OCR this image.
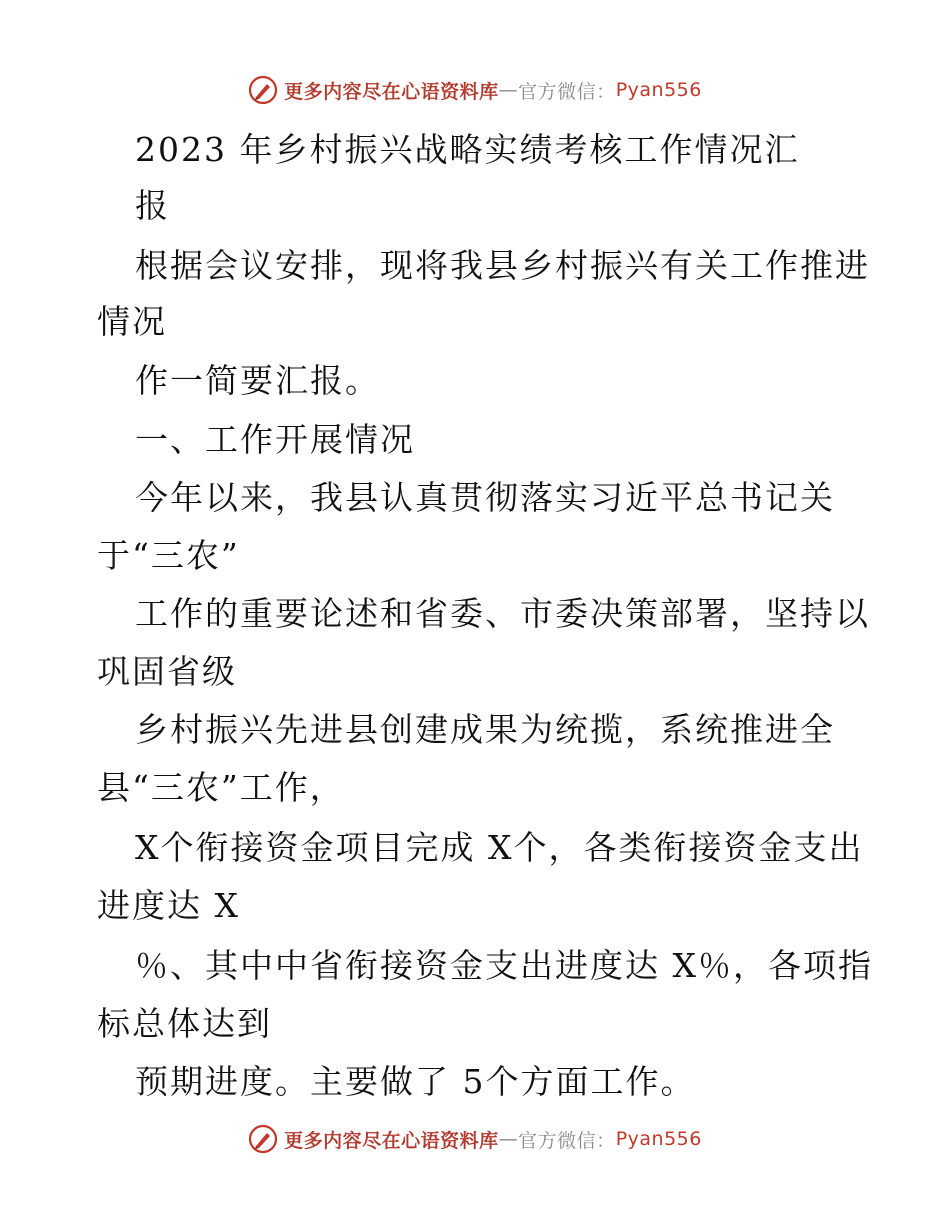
更多内容尽在心语资料库 — 官方微信： Pyan556
2023 年乡村振兴战略实绩考核工作情况汇
报
根据会议安排，现将我县乡村振兴有关工作推进
情况
作一简要汇报。
一、工作开展情况
今年以来，我县认真贯彻落实习近平总书记关
于“三农”
工作的重要论述和省委、市委决策部署，坚持以
巩固省级
乡村振兴先进县创建成果为统揽，系统推进全
县“三农”工作，
X个衔接资金项目完成 X个，各类衔接资金支出
进度达 X
％、其中中省衔接资金支出进度达 X％，各项指
标总体达到
预期进度。主要做了 5个方面工作。
更多内容尽在心语资料库 — 官方微信： Pyan556
